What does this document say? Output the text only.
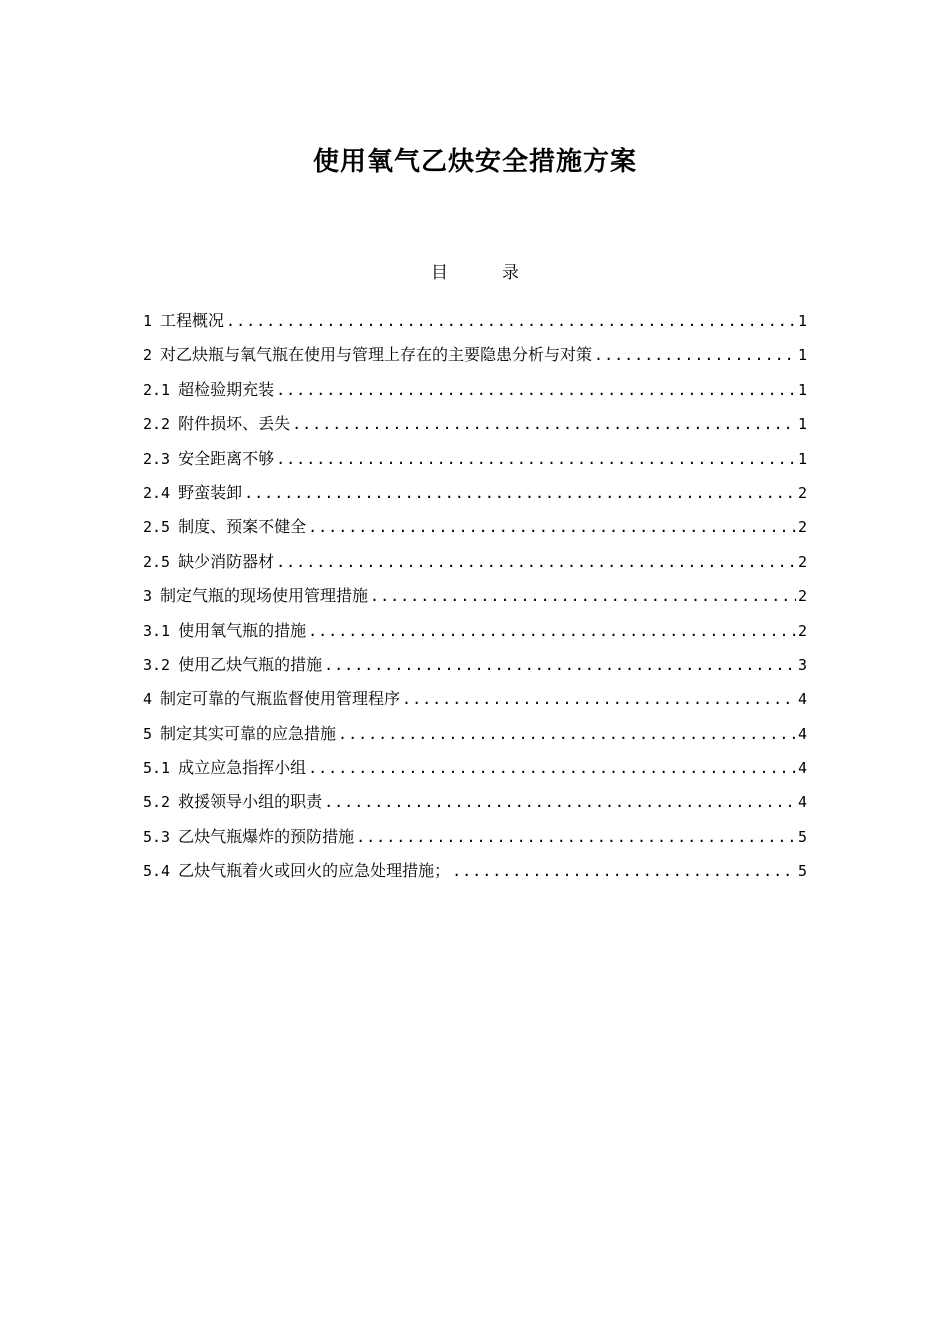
使用氧气乙炔安全措施方案
目录
1 工程概况 .....	1
2 对乙炔瓶与氧气瓶在使用与管理上存在的主要隐患分析与对策 .....	1
2.1 超检验期充装 .....	1
2.2 附件损坏、丢失 .....	1
2.3 安全距离不够 .....	1
2.4 野蛮装卸 .....	2
2.5 制度、预案不健全 .....	2
2.5 缺少消防器材 .....	2
3 制定气瓶的现场使用管理措施 .....	2
3.1 使用氧气瓶的措施 .....	2
3.2 使用乙炔气瓶的措施 .....	3
4 制定可靠的气瓶监督使用管理程序 .....	4
5 制定其实可靠的应急措施 .....	4
5.1 成立应急指挥小组 .....	4
5.2 救援领导小组的职责 .....	4
5.3 乙炔气瓶爆炸的预防措施 .....	5
5.4 乙炔气瓶着火或回火的应急处理措施； .....	5
